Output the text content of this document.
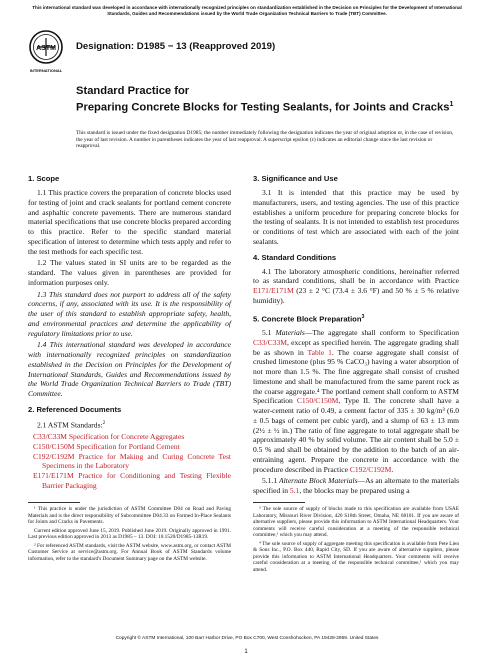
This international standard was developed in accordance with internationally recognized principles on standardization established in the Decision on Principles for the Development of International Standards, Guides and Recommendations issued by the World Trade Organization Technical Barriers to Trade (TBT) Committee.
ASTM
INTERNATIONAL
Designation: D1985 − 13 (Reapproved 2019)
Standard Practice for
Preparing Concrete Blocks for Testing Sealants, for Joints and Cracks$^1$
This standard is issued under the fixed designation D1985; the number immediately following the designation indicates the year of original adoption or, in the case of revision, the year of last revision. A number in parentheses indicates the year of last reapproval. A superscript epsilon (ε) indicates an editorial change since the last revision or reapproval.
1. Scope

1.1 This practice covers the preparation of concrete blocks used for testing of joint and crack sealants for portland cement concrete and asphaltic concrete pavements. There are numerous standard material specifications that use concrete blocks prepared according to this practice. Refer to the specific standard material specification of interest to determine which tests apply and refer to the test methods for each specific test.

1.2 The values stated in SI units are to be regarded as the standard. The values given in parentheses are provided for information purposes only.

1.3 This standard does not purport to address all of the safety concerns, if any, associated with its use. It is the responsibility of the user of this standard to establish appropriate safety, health, and environmental practices and determine the applicability of regulatory limitations prior to use.

1.4 This international standard was developed in accordance with internationally recognized principles on standardization established in the Decision on Principles for the Development of International Standards, Guides and Recommendations issued by the World Trade Organization Technical Barriers to Trade (TBT) Committee.

2. Referenced Documents

2.1 ASTM Standards:$^2$

C33/C33M Specification for Concrete Aggregates
C150/C150M Specification for Portland Cement
C192/C192M Practice for Making and Curing Concrete Test Specimens in the Laboratory
E171/E171M Practice for Conditioning and Testing Flexible Barrier Packaging
3. Significance and Use

3.1 It is intended that this practice may be used by manufacturers, users, and testing agencies. The use of this practice establishes a uniform procedure for preparing concrete blocks for the testing of sealants. It is not intended to establish test procedures or conditions of test which are associated with each of the joint sealants.

4. Standard Conditions

4.1 The laboratory atmospheric conditions, hereinafter referred to as standard conditions, shall be in accordance with Practice E171/E171M (23 ± 2 °C (73.4 ± 3.6 °F) and 50 % ± 5 % relative humidity).

5. Concrete Block Preparation$^3$

5.1 Materials—The aggregate shall conform to Specification C33/C33M, except as specified herein. The aggregate grading shall be as shown in Table 1. The coarse aggregate shall consist of crushed limestone (plus 95 % CaCO₃) having a water absorption of not more than 1.5 %. The fine aggregate shall consist of crushed limestone and shall be manufactured from the same parent rock as the coarse aggregate.⁴ The portland cement shall conform to ASTM Specification C150/C150M, Type II. The concrete shall have a water-cement ratio of 0.49, a cement factor of 335 ± 30 kg/m³ (6.0 ± 0.5 bags of cement per cubic yard), and a slump of 63 ± 13 mm (2½ ± ½ in.) The ratio of fine aggregate to total aggregate shall be approximately 40 % by solid volume. The air content shall be 5.0 ± 0.5 % and shall be obtained by the addition to the batch of an air-entraining agent. Prepare the concrete in accordance with the procedure described in Practice C192/C192M.

5.1.1 Alternate Block Materials—As an alternate to the materials specified in 5.1, the blocks may be prepared using a

¹ This practice is under the jurisdiction of ASTM Committee D04 on Road and Paving Materials and is the direct responsibility of Subcommittee D04.33 on Formed In-Place Sealants for Joints and Cracks in Pavements.

Current edition approved June 15, 2019. Published June 2019. Originally approved in 1991. Last previous edition approved in 2013 as D1985 – 13. DOI: 10.1520/D1985-13R19.

² For referenced ASTM standards, visit the ASTM website, www.astm.org, or contact ASTM Customer Service at service@astm.org. For Annual Book of ASTM Standards volume information, refer to the standard's Document Summary page on the ASTM website.

³ The sole source of supply of blocks made to this specification are available from USAE Laboratory, Missouri River Division, 420 S18th Street, Omaha, NE 68101. If you are aware of alternative suppliers, please provide this information to ASTM International Headquarters. Your comments will receive careful consideration at a meeting of the responsible technical committee,¹ which you may attend.

⁴ The sole source of supply of aggregate meeting this specification is available from Pete Lien & Sons Inc., P.O. Box 440, Rapid City, SD. If you are aware of alternative suppliers, please provide this information to ASTM International Headquarters. Your comments will receive careful consideration at a meeting of the responsible technical committee,¹ which you may attend.

Copyright © ASTM International, 100 Barr Harbor Drive, PO Box C700, West Conshohocken, PA 19428-2959. United States
1
